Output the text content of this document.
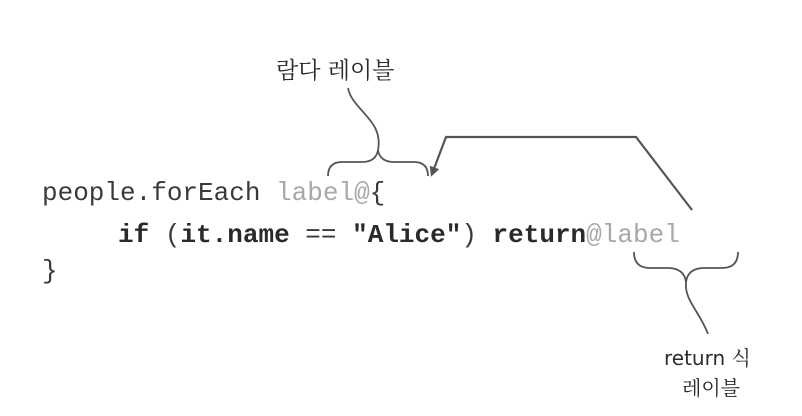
람다 레이블
people.forEach label@{
if (it.name == "Alice") return@label
}
return 식
레이블
